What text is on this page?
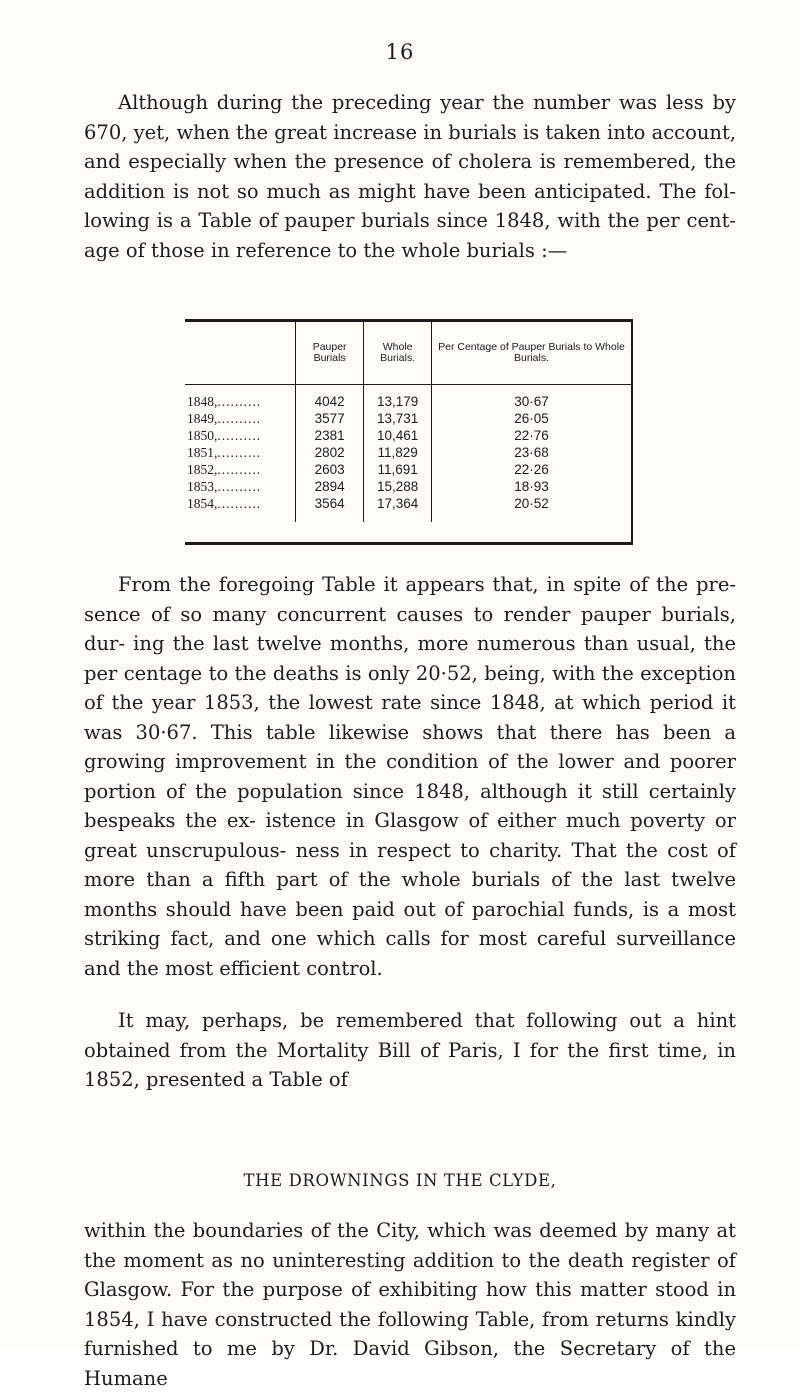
16

Although during the preceding year the number was less by 670, yet, when the great increase in burials is taken into account, and especially when the presence of cholera is remembered, the addition is not so much as might have been anticipated. The fol- lowing is a Table of pauper burials since 1848, with the per cent- age of those in reference to the whole burials :—

	Pauper Burials	Whole Burials.	Per Centage of Pauper Burials to Whole Burials.
1848,..........	4042	13,179	30·67
1849,..........	3577	13,731	26·05
1850,..........	2381	10,461	22·76
1851,..........	2802	11,829	23·68
1852,..........	2603	11,691	22·26
1853,..........	2894	15,288	18·93
1854,..........	3564	17,364	20·52

From the foregoing Table it appears that, in spite of the pre- sence of so many concurrent causes to render pauper burials, dur- ing the last twelve months, more numerous than usual, the per centage to the deaths is only 20·52, being, with the exception of the year 1853, the lowest rate since 1848, at which period it was 30·67. This table likewise shows that there has been a growing improvement in the condition of the lower and poorer portion of the population since 1848, although it still certainly bespeaks the ex- istence in Glasgow of either much poverty or great unscrupulous- ness in respect to charity. That the cost of more than a fifth part of the whole burials of the last twelve months should have been paid out of parochial funds, is a most striking fact, and one which calls for most careful surveillance and the most efficient control.

It may, perhaps, be remembered that following out a hint obtained from the Mortality Bill of Paris, I for the first time, in 1852, presented a Table of

THE DROWNINGS IN THE CLYDE,

within the boundaries of the City, which was deemed by many at the moment as no uninteresting addition to the death register of Glasgow. For the purpose of exhibiting how this matter stood in 1854, I have constructed the following Table, from returns kindly furnished to me by Dr. David Gibson, the Secretary of the Humane
